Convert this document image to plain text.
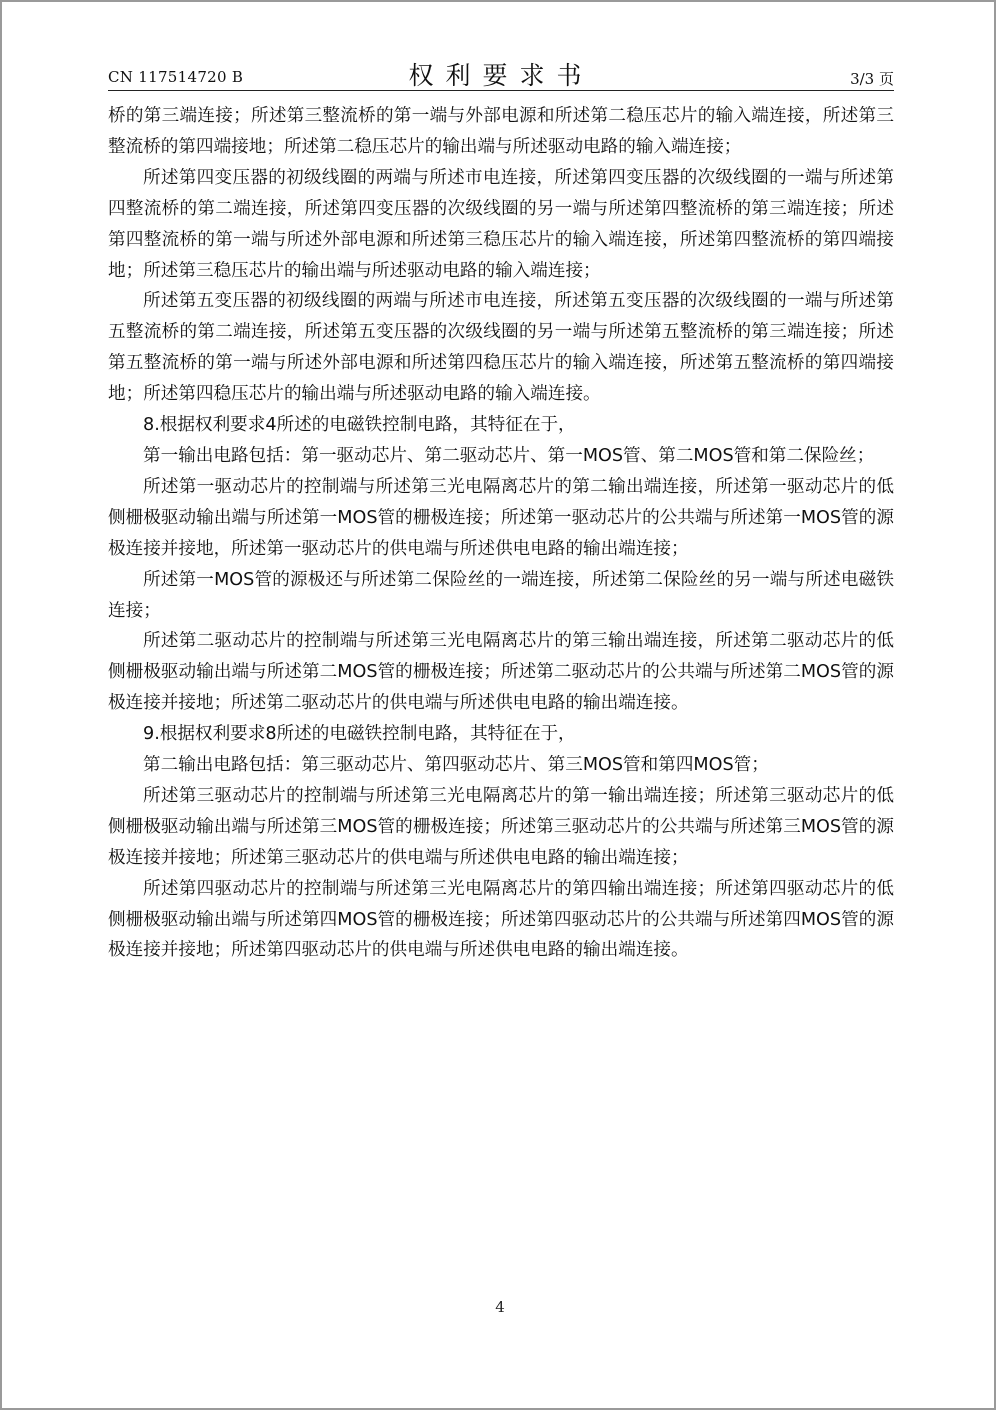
CN 117514720 B	权利要求书	3/3 页

桥的第三端连接；所述第三整流桥的第一端与外部电源和所述第二稳压芯片的输入端连接，所述第三整流桥的第四端接地；所述第二稳压芯片的输出端与所述驱动电路的输入端连接；

所述第四变压器的初级线圈的两端与所述市电连接，所述第四变压器的次级线圈的一端与所述第四整流桥的第二端连接，所述第四变压器的次级线圈的另一端与所述第四整流桥的第三端连接；所述第四整流桥的第一端与所述外部电源和所述第三稳压芯片的输入端连接，所述第四整流桥的第四端接地；所述第三稳压芯片的输出端与所述驱动电路的输入端连接；

所述第五变压器的初级线圈的两端与所述市电连接，所述第五变压器的次级线圈的一端与所述第五整流桥的第二端连接，所述第五变压器的次级线圈的另一端与所述第五整流桥的第三端连接；所述第五整流桥的第一端与所述外部电源和所述第四稳压芯片的输入端连接，所述第五整流桥的第四端接地；所述第四稳压芯片的输出端与所述驱动电路的输入端连接。

8.根据权利要求4所述的电磁铁控制电路，其特征在于，

第一输出电路包括：第一驱动芯片、第二驱动芯片、第一MOS管、第二MOS管和第二保险丝；

所述第一驱动芯片的控制端与所述第三光电隔离芯片的第二输出端连接，所述第一驱动芯片的低侧栅极驱动输出端与所述第一MOS管的栅极连接；所述第一驱动芯片的公共端与所述第一MOS管的源极连接并接地，所述第一驱动芯片的供电端与所述供电电路的输出端连接；

所述第一MOS管的源极还与所述第二保险丝的一端连接，所述第二保险丝的另一端与所述电磁铁连接；

所述第二驱动芯片的控制端与所述第三光电隔离芯片的第三输出端连接，所述第二驱动芯片的低侧栅极驱动输出端与所述第二MOS管的栅极连接；所述第二驱动芯片的公共端与所述第二MOS管的源极连接并接地；所述第二驱动芯片的供电端与所述供电电路的输出端连接。

9.根据权利要求8所述的电磁铁控制电路，其特征在于，

第二输出电路包括：第三驱动芯片、第四驱动芯片、第三MOS管和第四MOS管；

所述第三驱动芯片的控制端与所述第三光电隔离芯片的第一输出端连接；所述第三驱动芯片的低侧栅极驱动输出端与所述第三MOS管的栅极连接；所述第三驱动芯片的公共端与所述第三MOS管的源极连接并接地；所述第三驱动芯片的供电端与所述供电电路的输出端连接；

所述第四驱动芯片的控制端与所述第三光电隔离芯片的第四输出端连接；所述第四驱动芯片的低侧栅极驱动输出端与所述第四MOS管的栅极连接；所述第四驱动芯片的公共端与所述第四MOS管的源极连接并接地；所述第四驱动芯片的供电端与所述供电电路的输出端连接。

4
